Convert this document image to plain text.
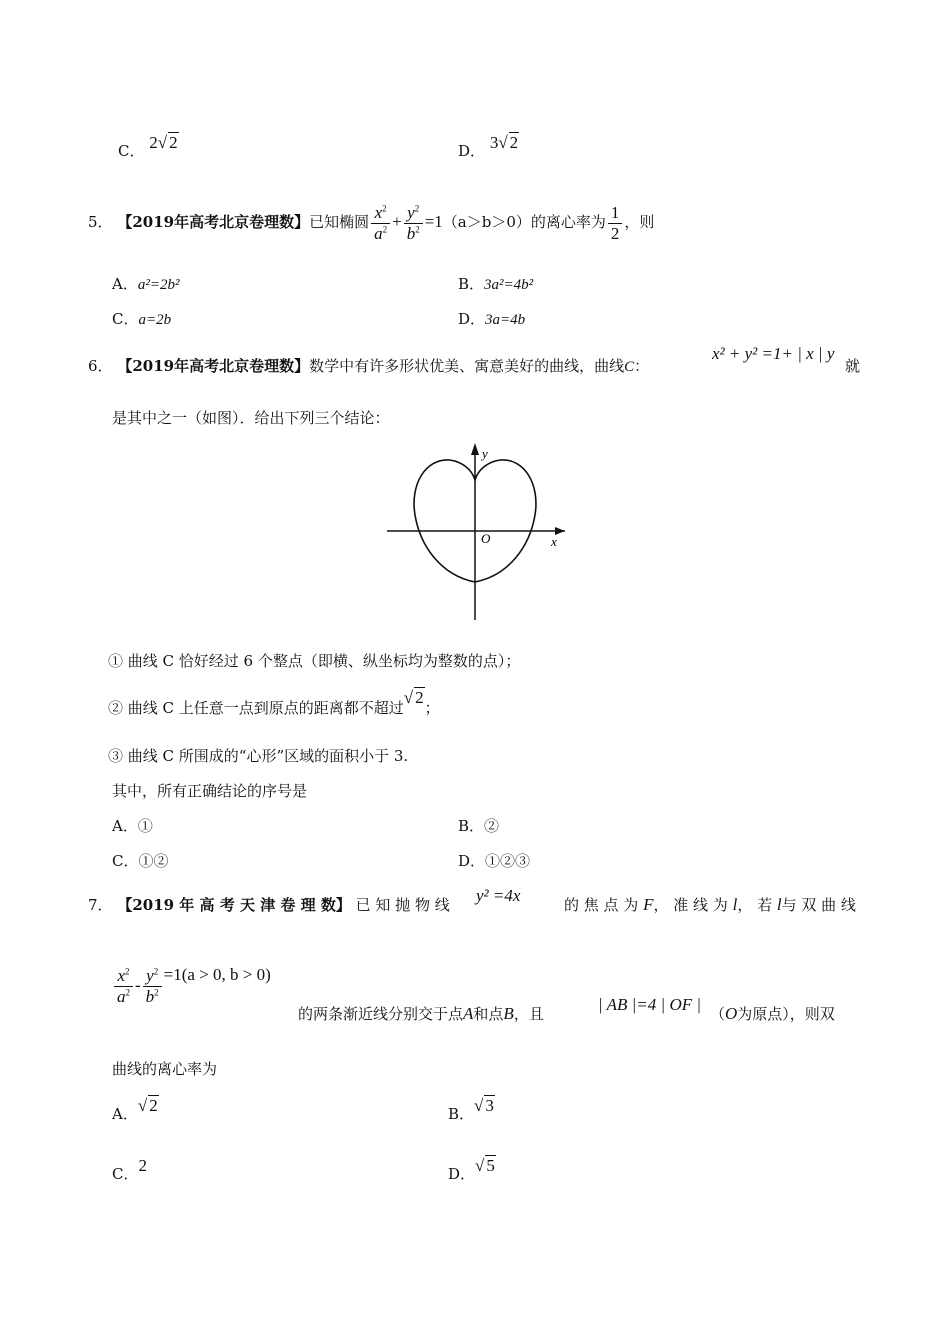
C． 2√ 2	D． 3√ 2
5． 【2019年高考北京卷理数】已知椭圆 $\frac{x^2}{a^2} + \frac{y^2}{b^2} =1(a>b>0)$的离心率为 $\frac{1}{2}$ ，则
A．a²=2b²	B．3a²=4b²
C．a=2b	D．3a=4b
6． 【2019年高考北京卷理数】数学中有许多形状优美、寓意美好的曲线，曲线C：
x² + y² =1+ | x | y
就
是其中之一（如图）．给出下列三个结论：
y
x
O
① 曲线 C 恰好经过 6 个整点（即横、纵坐标均为整数的点）；
② 曲线 C 上任意一点到原点的距离都不超过√ 2；
③ 曲线 C 所围成的“心形”区域的面积小于 3.
其中，所有正确结论的序号是
A．①	B．②
C．①②	D．①②③
7． 【2019 年 高 考 天 津 卷 理 数】 已 知 抛 物 线 y² =4x	的 焦 点 为 F， 准 线 为 l， 若 l与 双 曲 线
$\frac{x^2}{a^2} - \frac{y^2}{b^2} =1(a > 0$, b > 0)
的两条渐近线分别交于点A和点B，且	| AB |=4 | OF | （O为原点），则双
曲线的离心率为
A．√ 2	B．√ 3
C．2	D．√ 5
